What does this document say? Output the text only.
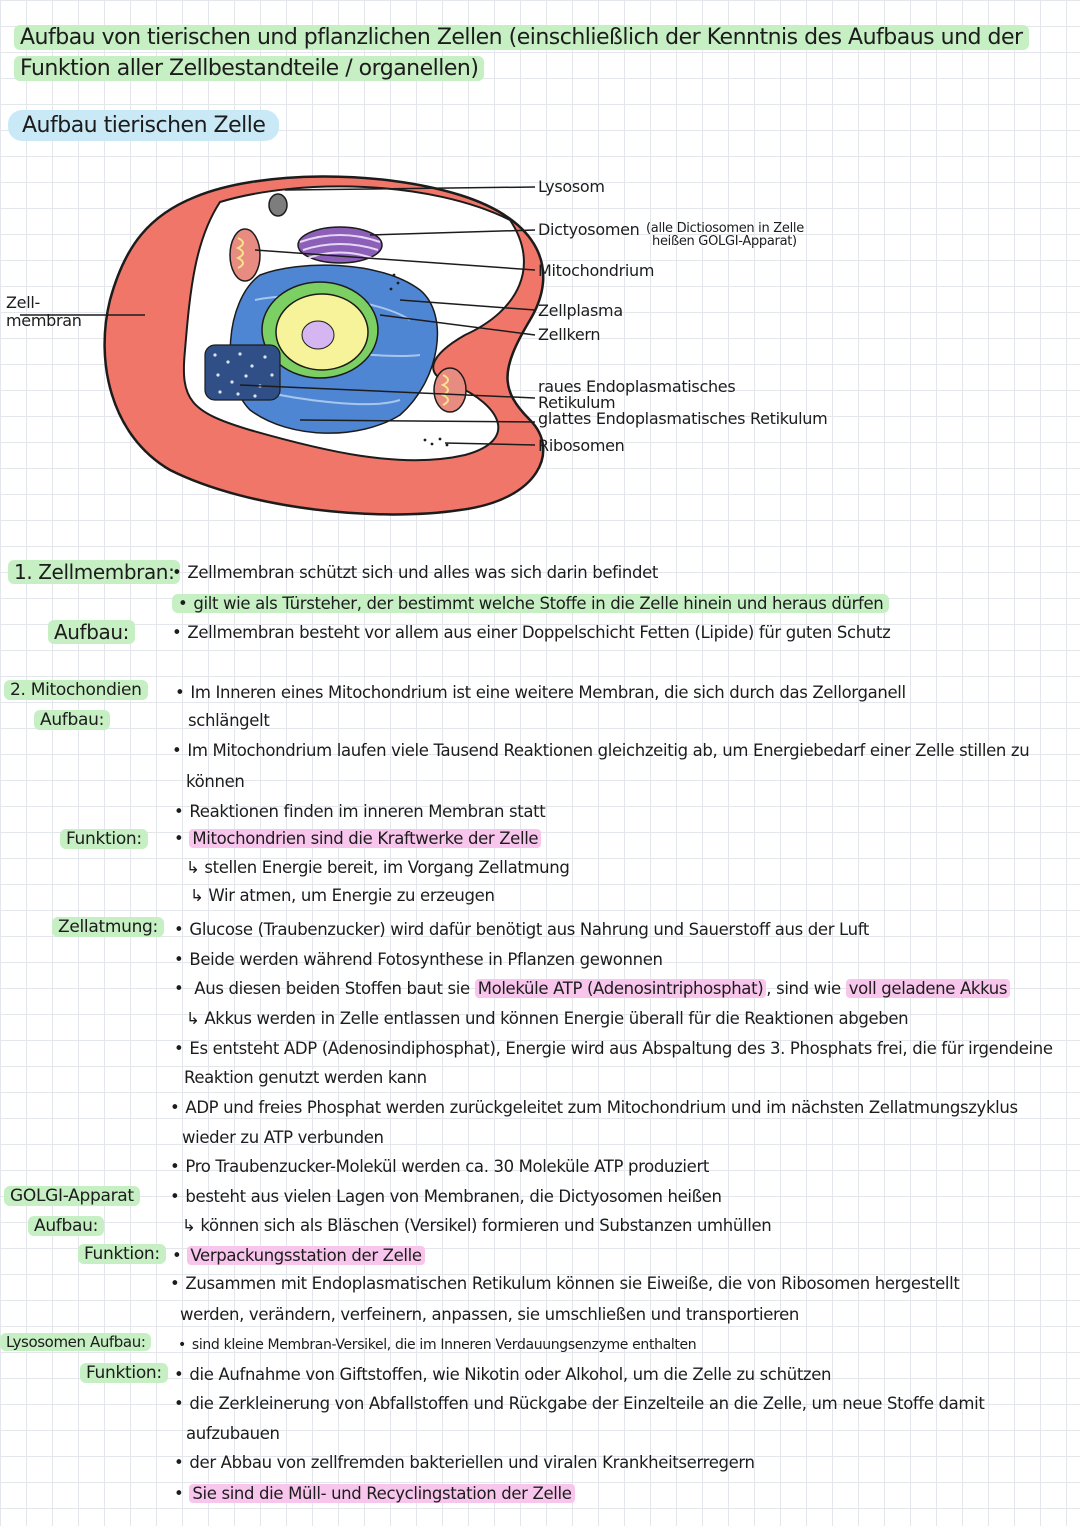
Aufbau von tierischen und pflanzlichen Zellen (einschließlich der Kenntnis des Aufbaus und der Funktion aller Zellbestandteile / organellen)
Aufbau tierischen Zelle
Zell-
membran
Lysosom
Dictyosomen (alle Dictiosomen in Zelle
heißen GOLGI-Apparat)
Mitochondrium
Zellplasma
Zellkern
raues Endoplasmatisches
Retikulum
glattes Endoplasmatisches Retikulum
Ribosomen
1. Zellmembran: • Zellmembran schützt sich und alles was sich darin befindet
• gilt wie als Türsteher, der bestimmt welche Stoffe in die Zelle hinein und heraus dürfen
Aufbau:	• Zellmembran besteht vor allem aus einer Doppelschicht Fetten (Lipide) für guten Schutz
2. Mitochondien
Aufbau:
• Im Inneren eines Mitochondrium ist eine weitere Membran, die sich durch das Zellorganell
schlängelt
• Im Mitochondrium laufen viele Tausend Reaktionen gleichzeitig ab, um Energiebedarf einer Zelle stillen zu
können
• Reaktionen finden im inneren Membran statt
Funktion: •	Mitochondrien sind die Kraftwerke der Zelle
↳ stellen Energie bereit, im Vorgang Zellatmung
↳ Wir atmen, um Energie zu erzeugen
Zellatmung:	• Glucose (Traubenzucker) wird dafür benötigt aus Nahrung und Sauerstoff aus der Luft
• Beide werden während Fotosynthese in Pflanzen gewonnen
• Aus diesen beiden Stoffen baut sie Moleküle ATP (Adenosintriphosphat) , sind wie voll geladene Akkus
↳ Akkus werden in Zelle entlassen und können Energie überall für die Reaktionen abgeben
• Es entsteht ADP (Adenosindiphosphat), Energie wird aus Abspaltung des 3. Phosphats frei, die für irgendeine
Reaktion genutzt werden kann
• ADP und freies Phosphat werden zurückgeleitet zum Mitochondrium und im nächsten Zellatmungszyklus
wieder zu ATP verbunden
• Pro Traubenzucker-Molekül werden ca. 30 Moleküle ATP produziert
GOLGI-Apparat
Aufbau:
• besteht aus vielen Lagen von Membranen, die Dictyosomen heißen
↳ können sich als Bläschen (Versikel) formieren und Substanzen umhüllen
Funktion: •	Verpackungsstation der Zelle
• Zusammen mit Endoplasmatischen Retikulum können sie Eiweiße, die von Ribosomen hergestellt
werden, verändern, verfeinern, anpassen, sie umschließen und transportieren
Lysosomen Aufbau:	• sind kleine Membran-Versikel, die im Inneren Verdauungsenzyme enthalten
Funktion:	• die Aufnahme von Giftstoffen, wie Nikotin oder Alkohol, um die Zelle zu schützen
• die Zerkleinerung von Abfallstoffen und Rückgabe der Einzelteile an die Zelle, um neue Stoffe damit
aufzubauen
• der Abbau von zellfremden bakteriellen und viralen Krankheitserregern
• Sie sind die Müll- und Recyclingstation der Zelle
